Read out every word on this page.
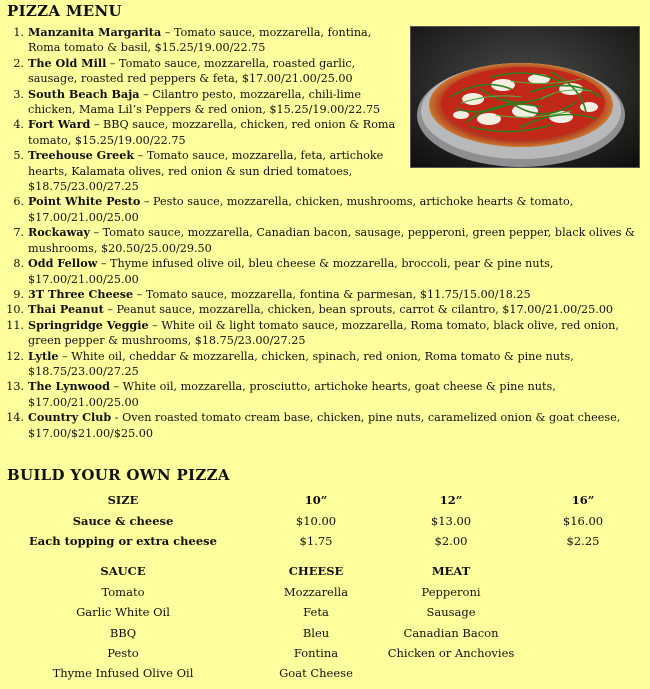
PIZZA MENU
1. Manzanita Margarita – Tomato sauce, mozzarella, fontina, Roma tomato & basil, $15.25/19.00/22.75
2. The Old Mill – Tomato sauce, mozzarella, roasted garlic, sausage, roasted red peppers & feta, $17.00/21.00/25.00
3. South Beach Baja – Cilantro pesto, mozzarella, chili-lime chicken, Mama Lil’s Peppers & red onion, $15.25/19.00/22.75
4. Fort Ward – BBQ sauce, mozzarella, chicken, red onion & Roma tomato, $15.25/19.00/22.75
5. Treehouse Greek – Tomato sauce, mozzarella, feta, artichoke hearts, Kalamata olives, red onion & sun dried tomatoes, $18.75/23.00/27.25
6. Point White Pesto – Pesto sauce, mozzarella, chicken, mushrooms, artichoke hearts & tomato, $17.00/21.00/25.00
7. Rockaway – Tomato sauce, mozzarella, Canadian bacon, sausage, pepperoni, green pepper, black olives & mushrooms, $20.50/25.00/29.50
8. Odd Fellow – Thyme infused olive oil, bleu cheese & mozzarella, broccoli, pear & pine nuts, $17.00/21.00/25.00
9. 3T Three Cheese – Tomato sauce, mozzarella, fontina & parmesan, $11.75/15.00/18.25
10. Thai Peanut – Peanut sauce, mozzarella, chicken, bean sprouts, carrot & cilantro, $17.00/21.00/25.00
11. Springridge Veggie – White oil & light tomato sauce, mozzarella, Roma tomato, black olive, red onion, green pepper & mushrooms, $18.75/23.00/27.25
12. Lytle – White oil, cheddar & mozzarella, chicken, spinach, red onion, Roma tomato & pine nuts, $18.75/23.00/27.25
13. The Lynwood – White oil, mozzarella, prosciutto, artichoke hearts, goat cheese & pine nuts, $17.00/21.00/25.00
14. Country Club - Oven roasted tomato cream base, chicken, pine nuts, caramelized onion & goat cheese, $17.00/$21.00/$25.00
BUILD YOUR OWN PIZZA
SIZE	10”	12”	16”
Sauce & cheese	$10.00	$13.00	$16.00
Each topping or extra cheese	$1.75	$2.00	$2.25

SAUCE	CHEESE	MEAT	
Tomato	Mozzarella	Pepperoni	
Garlic White Oil	Feta	Sausage	
BBQ	Bleu	Canadian Bacon	
Pesto	Fontina	Chicken or Anchovies	
Thyme Infused Olive Oil	Goat Cheese		
